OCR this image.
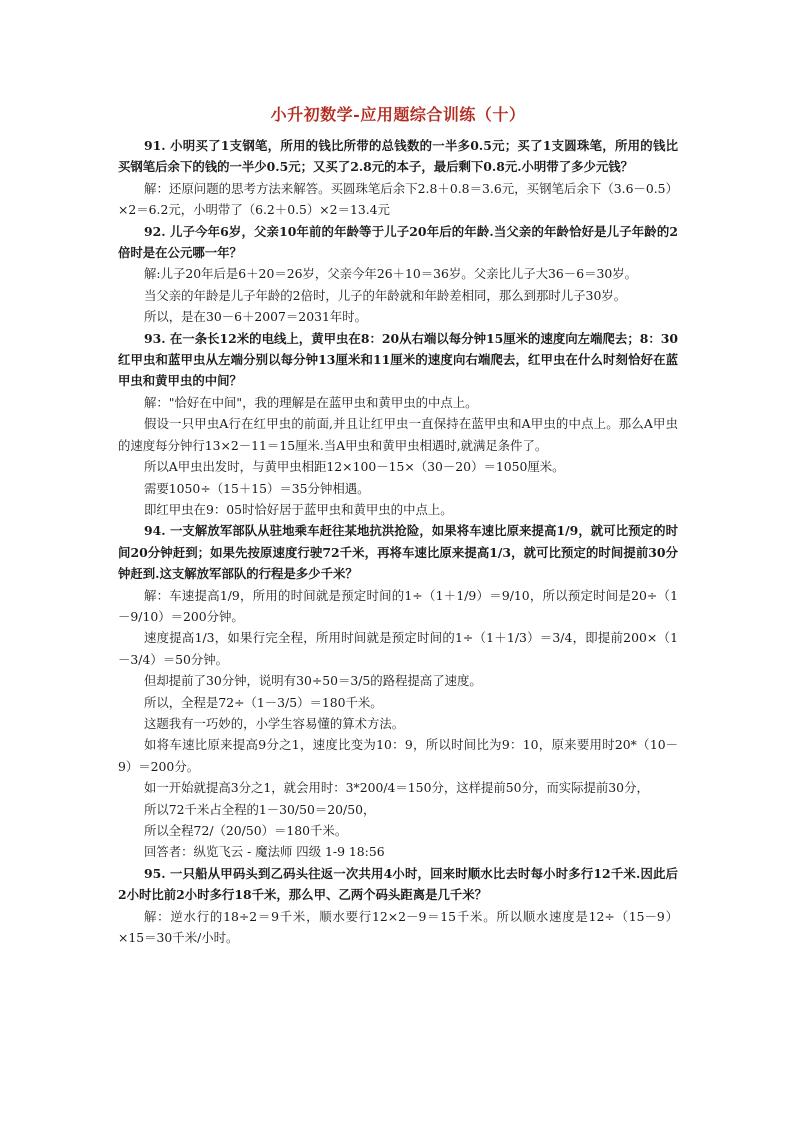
小升初数学-应用题综合训练（十）

91. 小明买了1支钢笔，所用的钱比所带的总钱数的一半多0.5元；买了1支圆珠笔，所用的钱比买钢笔后余下的钱的一半少0.5元；又买了2.8元的本子，最后剩下0.8元.小明带了多少元钱？

解：还原问题的思考方法来解答。买圆珠笔后余下2.8＋0.8＝3.6元，买钢笔后余下（3.6－0.5）×2＝6.2元，小明带了（6.2＋0.5）×2＝13.4元

92. 儿子今年6岁，父亲10年前的年龄等于儿子20年后的年龄.当父亲的年龄恰好是儿子年龄的2倍时是在公元哪一年？

解:儿子20年后是6＋20＝26岁，父亲今年26＋10＝36岁。父亲比儿子大36－6＝30岁。

当父亲的年龄是儿子年龄的2倍时，儿子的年龄就和年龄差相同，那么到那时儿子30岁。

所以，是在30－6＋2007＝2031年时。

93. 在一条长12米的电线上，黄甲虫在8：20从右端以每分钟15厘米的速度向左端爬去；8：30红甲虫和蓝甲虫从左端分别以每分钟13厘米和11厘米的速度向右端爬去，红甲虫在什么时刻恰好在蓝甲虫和黄甲虫的中间？

解："恰好在中间"，我的理解是在蓝甲虫和黄甲虫的中点上。

假设一只甲虫A行在红甲虫的前面,并且让红甲虫一直保持在蓝甲虫和A甲虫的中点上。那么A甲虫的速度每分钟行13×2－11＝15厘米.当A甲虫和黄甲虫相遇时,就满足条件了。

所以A甲虫出发时，与黄甲虫相距12×100－15×（30－20）＝1050厘米。

需要1050÷（15＋15）＝35分钟相遇。

即红甲虫在9：05时恰好居于蓝甲虫和黄甲虫的中点上。

94. 一支解放军部队从驻地乘车赶往某地抗洪抢险，如果将车速比原来提高1/9，就可比预定的时间20分钟赶到；如果先按原速度行驶72千米，再将车速比原来提高1/3，就可比预定的时间提前30分钟赶到.这支解放军部队的行程是多少千米？

解：车速提高1/9，所用的时间就是预定时间的1÷（1＋1/9）＝9/10，所以预定时间是20÷（1－9/10）＝200分钟。

速度提高1/3，如果行完全程，所用时间就是预定时间的1÷（1＋1/3）＝3/4，即提前200×（1－3/4）＝50分钟。

但却提前了30分钟，说明有30÷50＝3/5的路程提高了速度。

所以，全程是72÷（1－3/5）＝180千米。

这题我有一巧妙的，小学生容易懂的算术方法。

如将车速比原来提高9分之1，速度比变为10：9，所以时间比为9：10，原来要用时20*（10－9）＝200分。

如一开始就提高3分之1，就会用时：3*200/4＝150分，这样提前50分，而实际提前30分，

所以72千米占全程的1－30/50＝20/50，

所以全程72/（20/50）＝180千米。

回答者：纵览飞云 - 魔法师 四级 1-9 18:56

95. 一只船从甲码头到乙码头往返一次共用4小时，回来时顺水比去时每小时多行12千米.因此后2小时比前2小时多行18千米，那么甲、乙两个码头距离是几千米？

解：逆水行的18÷2＝9千米，顺水要行12×2－9＝15千米。所以顺水速度是12÷（15－9）×15＝30千米/小时。
